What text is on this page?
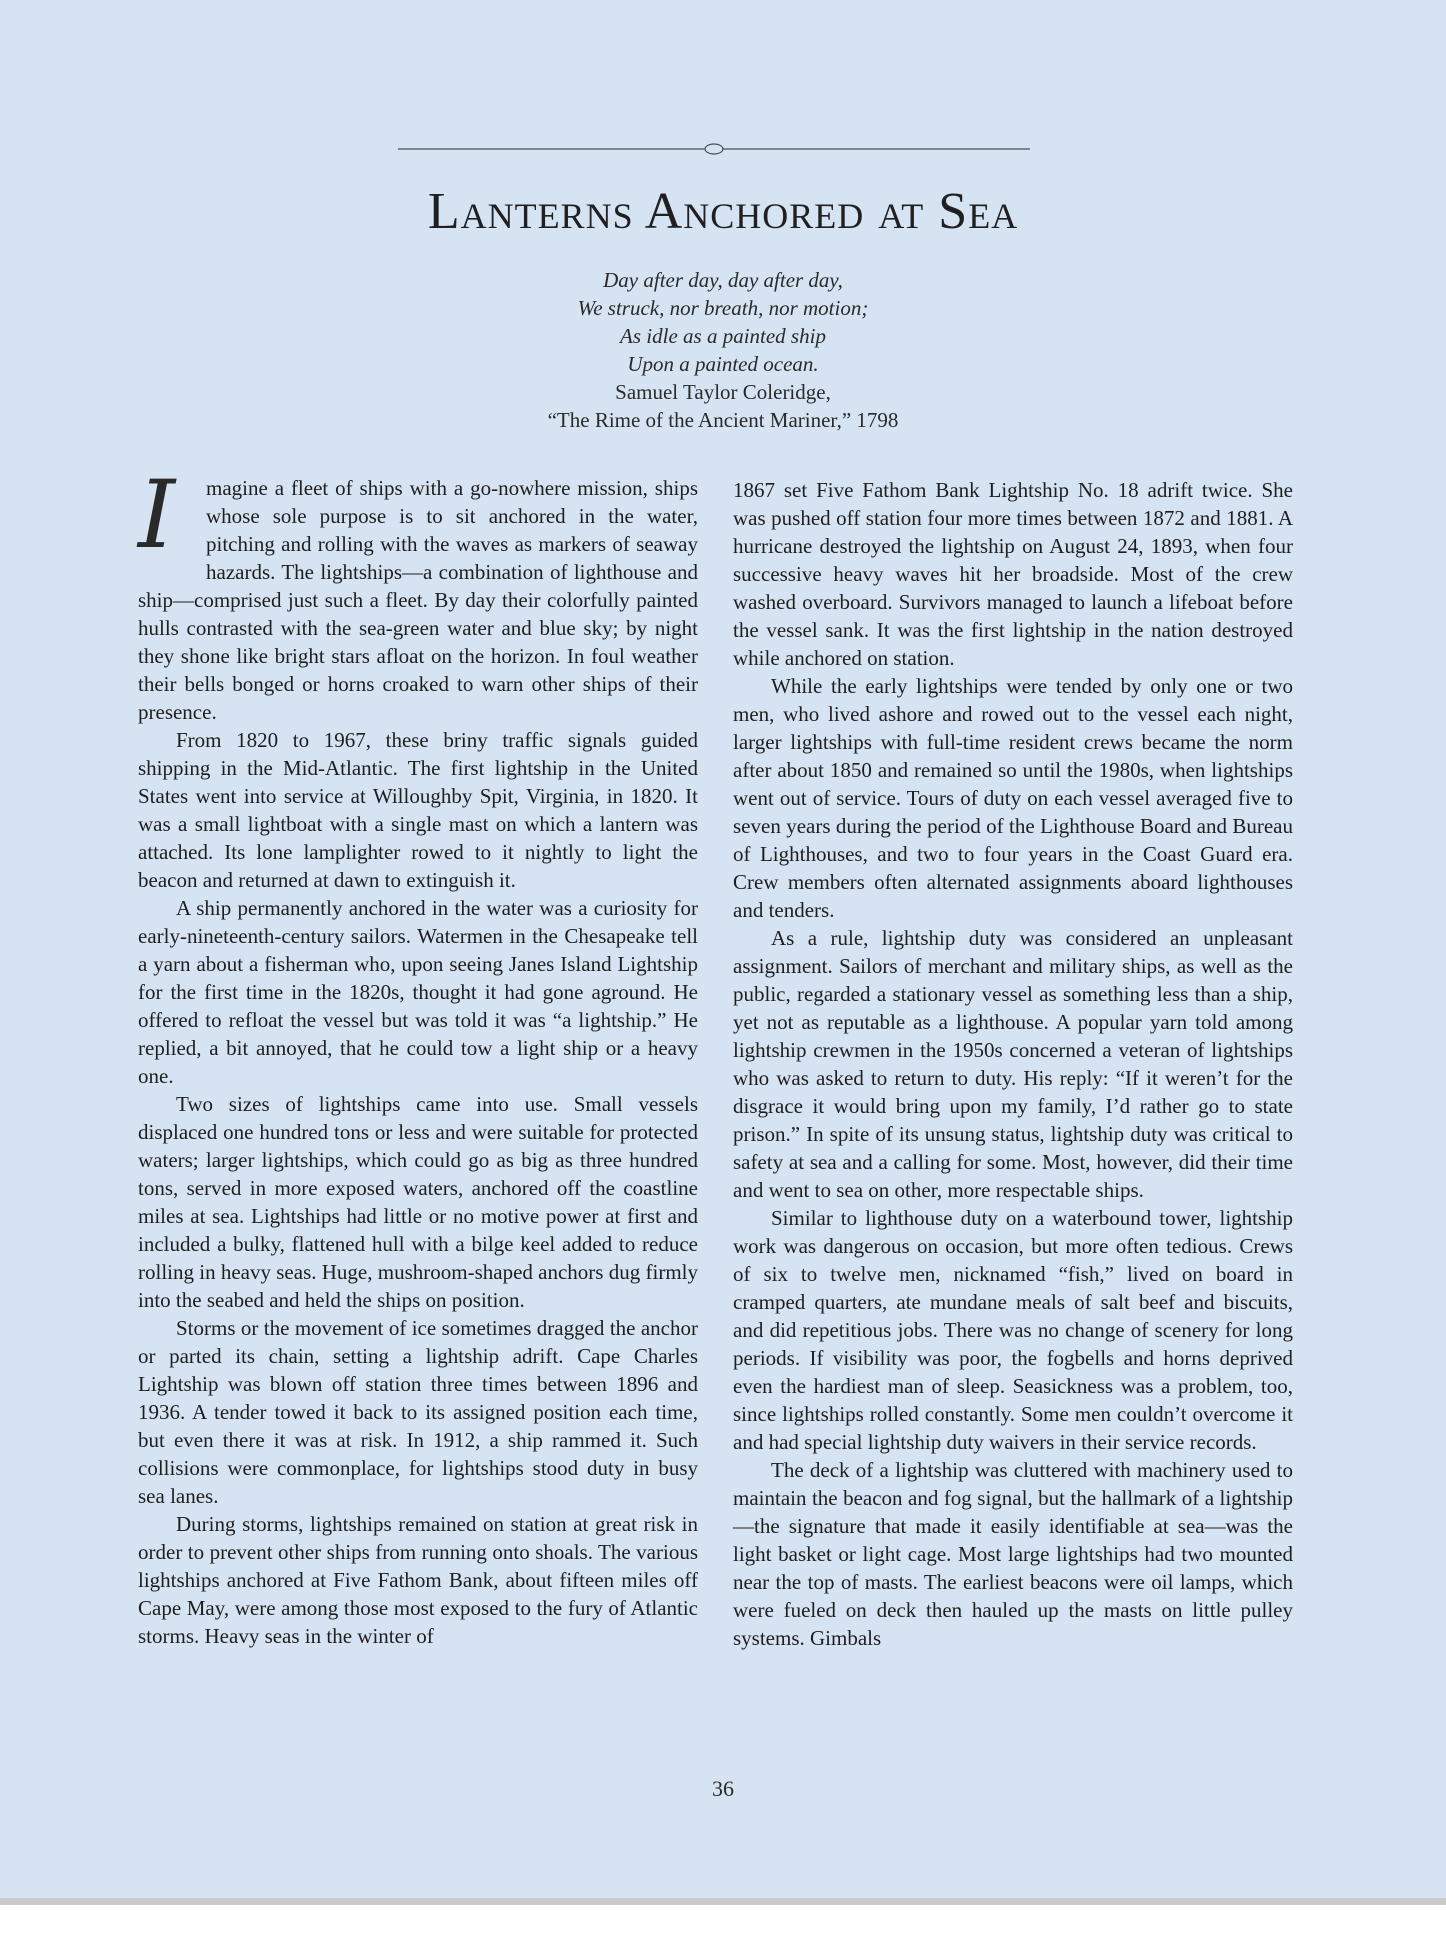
Lanterns Anchored at Sea
Day after day, day after day,
We struck, nor breath, nor motion;
As idle as a painted ship
Upon a painted ocean.
Samuel Taylor Coleridge,
“The Rime of the Ancient Mariner,” 1798

I	magine a fleet of ships with a go-nowhere mission, ships whose sole purpose is to sit anchored in the water, pitching and rolling with the waves as markers of seaway hazards. The lightships—a combination of lighthouse and ship—comprised just such a fleet. By day their colorfully painted hulls contrasted with the sea-green water and blue sky; by night they shone like bright stars afloat on the horizon. In foul weather their bells bonged or horns croaked to warn other ships of their presence.

From 1820 to 1967, these briny traffic signals guided shipping in the Mid-Atlantic. The first lightship in the United States went into service at Willoughby Spit, Virginia, in 1820. It was a small lightboat with a single mast on which a lantern was attached. Its lone lamplighter rowed to it nightly to light the beacon and returned at dawn to extinguish it.

A ship permanently anchored in the water was a curiosity for early-nineteenth-century sailors. Watermen in the Chesapeake tell a yarn about a fisherman who, upon seeing Janes Island Lightship for the first time in the 1820s, thought it had gone aground. He offered to refloat the vessel but was told it was “a lightship.” He replied, a bit annoyed, that he could tow a light ship or a heavy one.

Two sizes of lightships came into use. Small vessels displaced one hundred tons or less and were suitable for protected waters; larger lightships, which could go as big as three hundred tons, served in more exposed waters, anchored off the coastline miles at sea. Lightships had little or no motive power at first and included a bulky, flattened hull with a bilge keel added to reduce rolling in heavy seas. Huge, mushroom-shaped anchors dug firmly into the seabed and held the ships on position.

Storms or the movement of ice sometimes dragged the anchor or parted its chain, setting a lightship adrift. Cape Charles Lightship was blown off station three times between 1896 and 1936. A tender towed it back to its assigned position each time, but even there it was at risk. In 1912, a ship rammed it. Such collisions were commonplace, for lightships stood duty in busy sea lanes.

During storms, lightships remained on station at great risk in order to prevent other ships from running onto shoals. The various lightships anchored at Five Fathom Bank, about fifteen miles off Cape May, were among those most exposed to the fury of Atlantic storms. Heavy seas in the winter of

1867 set Five Fathom Bank Lightship No. 18 adrift twice. She was pushed off station four more times between 1872 and 1881. A hurricane destroyed the lightship on August 24, 1893, when four successive heavy waves hit her broadside. Most of the crew washed overboard. Survivors managed to launch a lifeboat before the vessel sank. It was the first lightship in the nation destroyed while anchored on station.

While the early lightships were tended by only one or two men, who lived ashore and rowed out to the vessel each night, larger lightships with full-time resident crews became the norm after about 1850 and remained so until the 1980s, when lightships went out of service. Tours of duty on each vessel averaged five to seven years during the period of the Lighthouse Board and Bureau of Lighthouses, and two to four years in the Coast Guard era. Crew members often alternated assignments aboard lighthouses and tenders.

As a rule, lightship duty was considered an unpleasant assignment. Sailors of merchant and military ships, as well as the public, regarded a stationary vessel as something less than a ship, yet not as reputable as a lighthouse. A popular yarn told among lightship crewmen in the 1950s concerned a veteran of lightships who was asked to return to duty. His reply: “If it weren’t for the disgrace it would bring upon my family, I’d rather go to state prison.” In spite of its unsung status, lightship duty was critical to safety at sea and a calling for some. Most, however, did their time and went to sea on other, more respectable ships.

Similar to lighthouse duty on a waterbound tower, lightship work was dangerous on occasion, but more often tedious. Crews of six to twelve men, nicknamed “fish,” lived on board in cramped quarters, ate mundane meals of salt beef and biscuits, and did repetitious jobs. There was no change of scenery for long periods. If visibility was poor, the fogbells and horns deprived even the hardiest man of sleep. Seasickness was a problem, too, since lightships rolled constantly. Some men couldn’t overcome it and had special lightship duty waivers in their service records.

The deck of a lightship was cluttered with machinery used to maintain the beacon and fog signal, but the hallmark of a lightship—the signature that made it easily identifiable at sea—was the light basket or light cage. Most large lightships had two mounted near the top of masts. The earliest beacons were oil lamps, which were fueled on deck then hauled up the masts on little pulley systems. Gimbals

36
